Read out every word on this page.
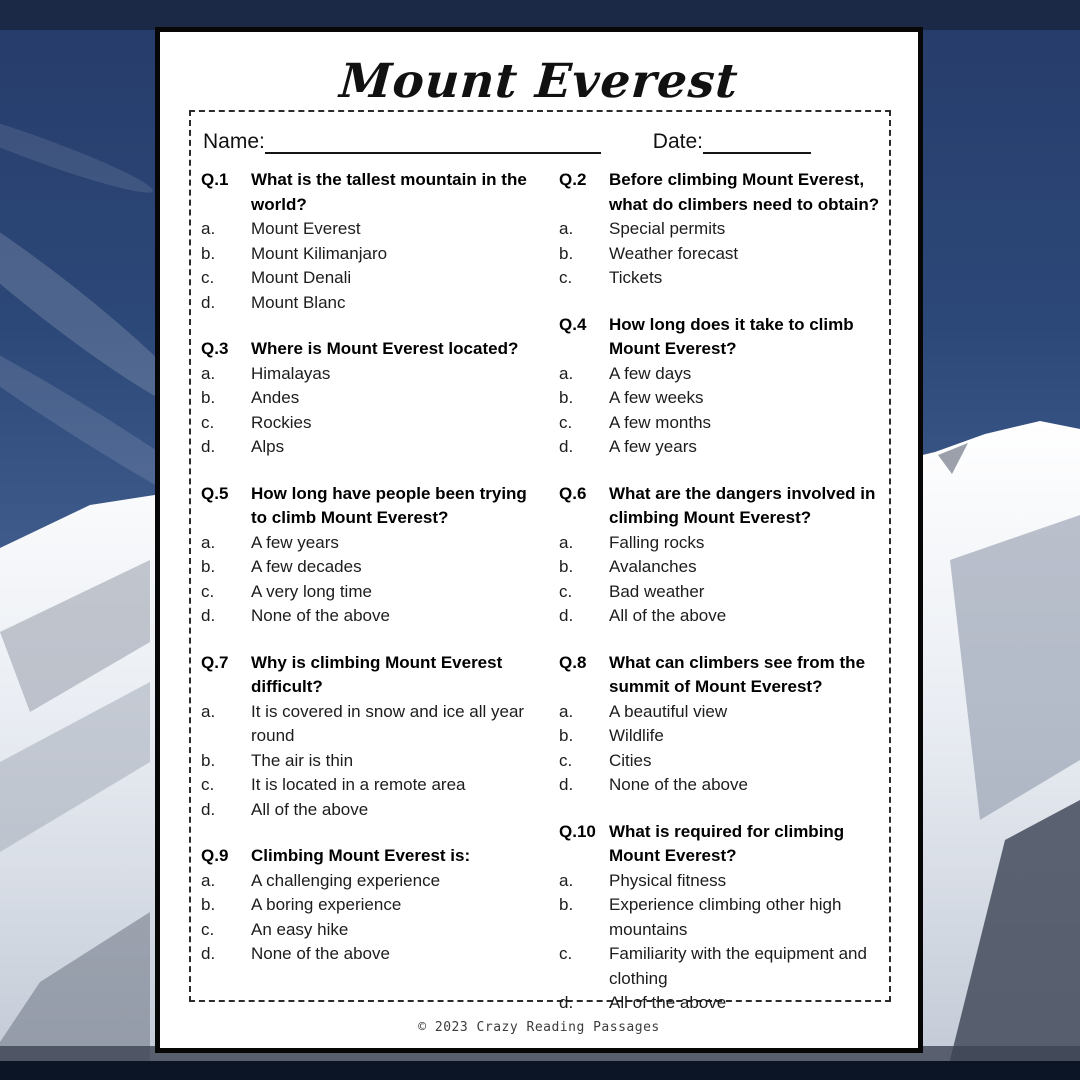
Mount Everest
Name:	Date:
Q.1	What is the tallest mountain in the world?
a.	Mount Everest
b.	Mount Kilimanjaro
c.	Mount Denali
d.	Mount Blanc
Q.3	Where is Mount Everest located?
a.	Himalayas
b.	Andes
c.	Rockies
d.	Alps
Q.5	How long have people been trying to climb Mount Everest?
a.	A few years
b.	A few decades
c.	A very long time
d.	None of the above
Q.7	Why is climbing Mount Everest difficult?
a.	It is covered in snow and ice all year round
b.	The air is thin
c.	It is located in a remote area
d.	All of the above
Q.9	Climbing Mount Everest is:
a.	A challenging experience
b.	A boring experience
c.	An easy hike
d.	None of the above
Q.2	Before climbing Mount Everest, what do climbers need to obtain?
a.	Special permits
b.	Weather forecast
c.	Tickets
Q.4	How long does it take to climb Mount Everest?
a.	A few days
b.	A few weeks
c.	A few months
d.	A few years
Q.6	What are the dangers involved in climbing Mount Everest?
a.	Falling rocks
b.	Avalanches
c.	Bad weather
d.	All of the above
Q.8	What can climbers see from the summit of Mount Everest?
a.	A beautiful view
b.	Wildlife
c.	Cities
d.	None of the above
Q.10 What is required for climbing Mount Everest?
a.	Physical fitness
b.	Experience climbing other high mountains
c.	Familiarity with the equipment and clothing
d.	All of the above
© 2023 Crazy Reading Passages
